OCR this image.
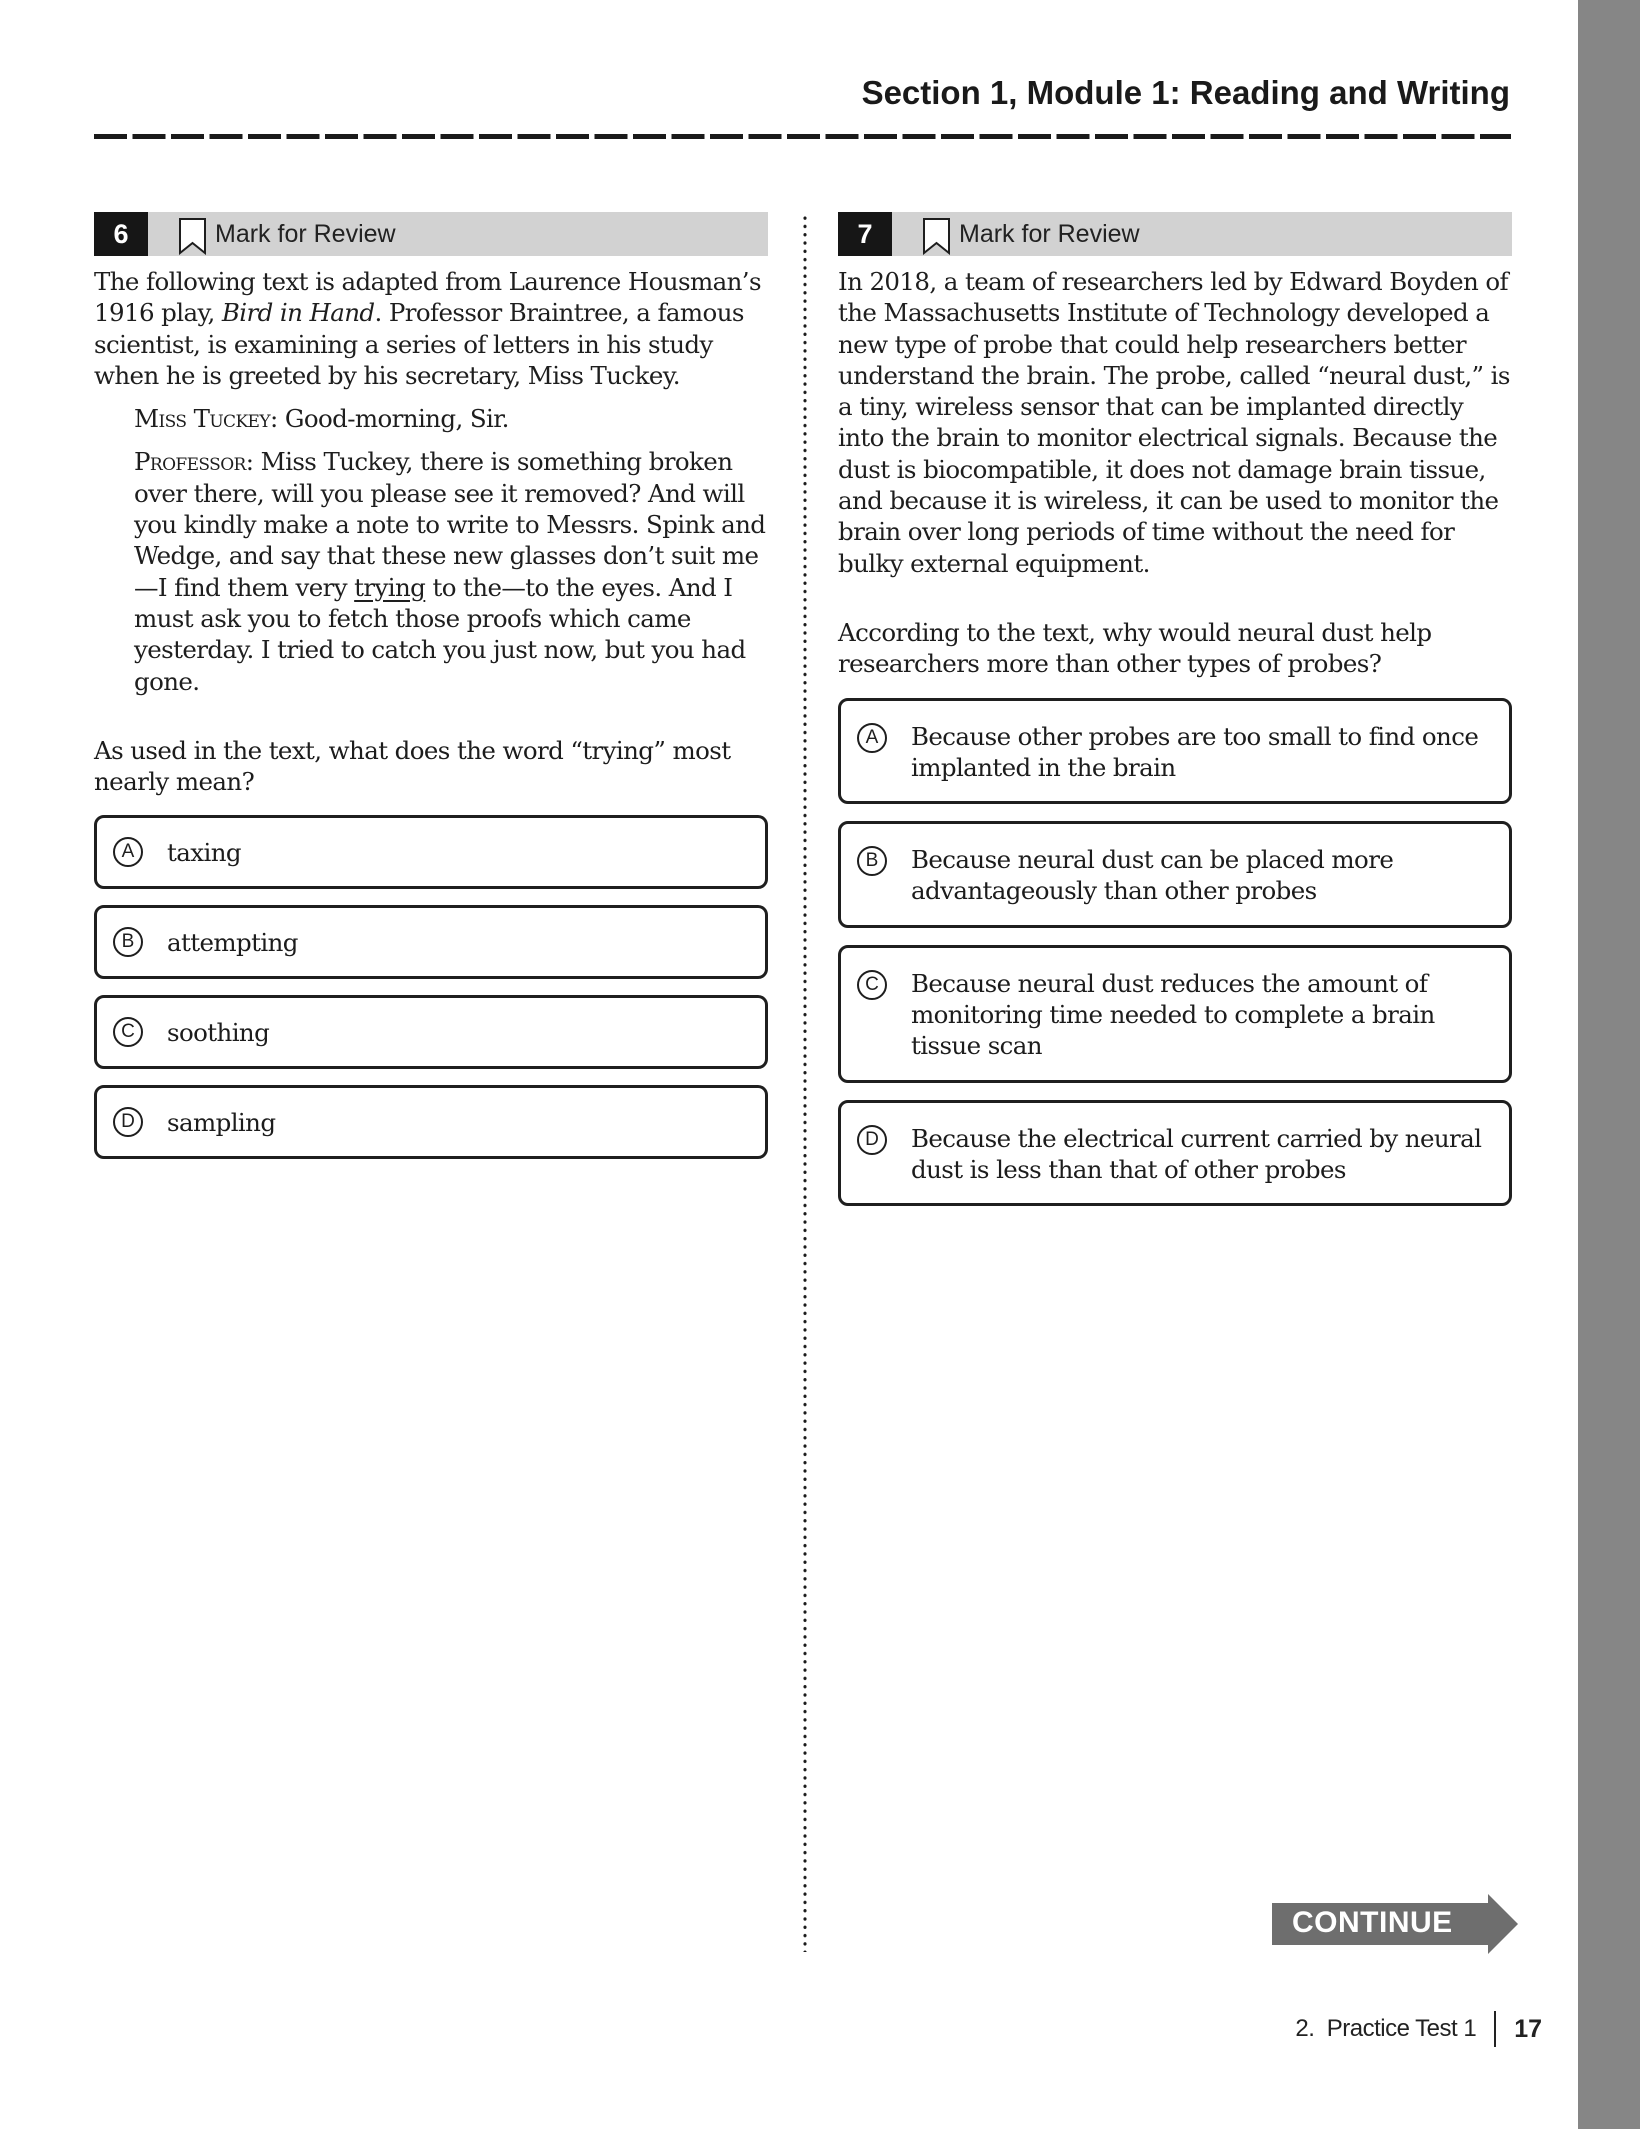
Section 1, Module 1: Reading and Writing
6	Mark for Review

The following text is adapted from Laurence Housman’s 1916 play, Bird in Hand. Professor Braintree, a famous scientist, is examining a series of letters in his study when he is greeted by his secretary, Miss Tuckey.

Miss Tuckey: Good-morning, Sir.

Professor: Miss Tuckey, there is something broken over there, will you please see it removed? And will you kindly make a note to write to Messrs. Spink and Wedge, and say that these new glasses don’t suit me—I find them very trying to the—to the eyes. And I must ask you to fetch those proofs which came yesterday. I tried to catch you just now, but you had gone.

As used in the text, what does the word “trying” most nearly mean?
A	taxing
B	attempting
C	soothing
D	sampling
7	Mark for Review

In 2018, a team of researchers led by Edward Boyden of the Massachusetts Institute of Technology developed a new type of probe that could help researchers better understand the brain. The probe, called “neural dust,” is a tiny, wireless sensor that can be implanted directly into the brain to monitor electrical signals. Because the dust is biocompatible, it does not damage brain tissue, and because it is wireless, it can be used to monitor the brain over long periods of time without the need for bulky external equipment.

According to the text, why would neural dust help researchers more than other types of probes?
A	Because other probes are too small to find once implanted in the brain
B	Because neural dust can be placed more advantageously than other probes
C	Because neural dust reduces the amount of monitoring time needed to complete a brain tissue scan
D	Because the electrical current carried by neural dust is less than that of other probes
CONTINUE
2.  Practice Test 1 17
